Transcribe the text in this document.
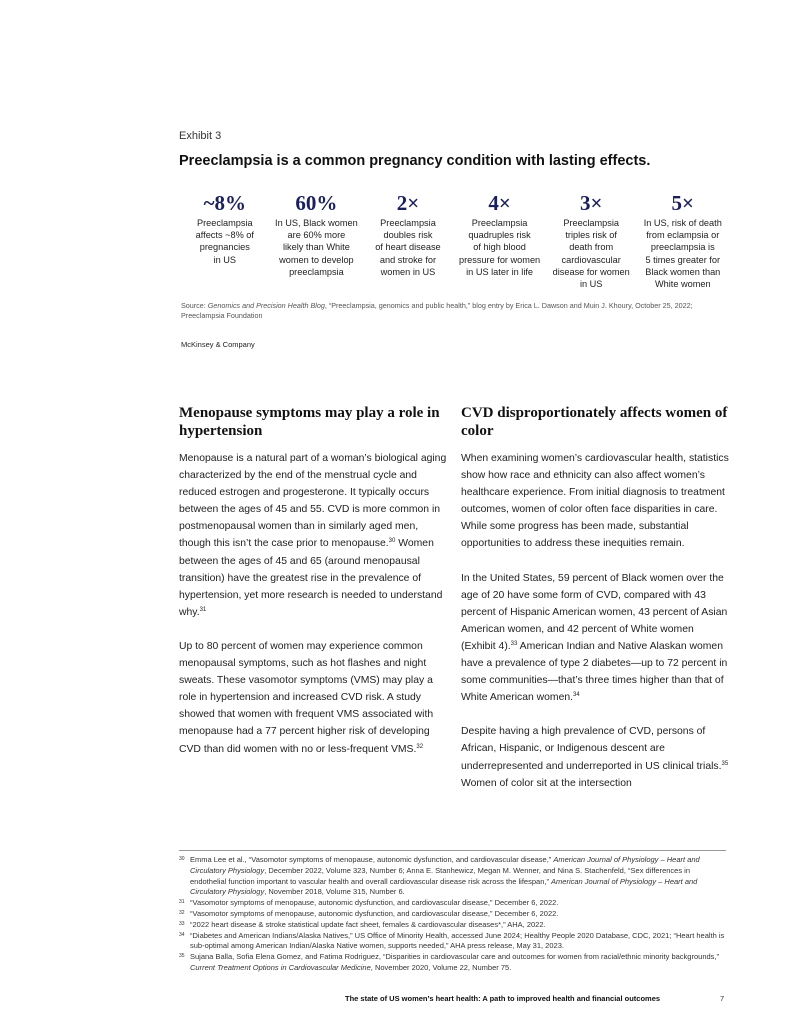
Exhibit 3
Preeclampsia is a common pregnancy condition with lasting effects.
~8%
Preeclampsia
affects ~8% of
pregnancies
in US
60%
In US, Black women
are 60% more
likely than White
women to develop
preeclampsia
2×
Preeclampsia
doubles risk
of heart disease
and stroke for
women in US
4×
Preeclampsia
quadruples risk
of high blood
pressure for women
in US later in life
3×
Preeclampsia
triples risk of
death from
cardiovascular
disease for women
in US
5×
In US, risk of death
from eclampsia or
preeclampsia is
5 times greater for
Black women than
White women
Source: Genomics and Precision Health Blog, “Preeclampsia, genomics and public health,” blog entry by Erica L. Dawson and Muin J. Khoury, October 25, 2022; Preeclampsia Foundation
McKinsey & Company
Menopause symptoms may play a role in hypertension

Menopause is a natural part of a woman’s biological aging characterized by the end of the menstrual cycle and reduced estrogen and progesterone. It typically occurs between the ages of 45 and 55. CVD is more common in postmenopausal women than in similarly aged men, though this isn’t the case prior to menopause.$^{30}$ Women between the ages of 45 and 65 (around menopausal transition) have the greatest rise in the prevalence of hypertension, yet more research is needed to understand why.$^{31}$

Up to 80 percent of women may experience common menopausal symptoms, such as hot flashes and night sweats. These vasomotor symptoms (VMS) may play a role in hypertension and increased CVD risk. A study showed that women with frequent VMS associated with menopause had a 77 percent higher risk of developing CVD than did women with no or less-frequent VMS.$^{32}$

CVD disproportionately affects women of color

When examining women’s cardiovascular health, statistics show how race and ethnicity can also affect women’s healthcare experience. From initial diagnosis to treatment outcomes, women of color often face disparities in care. While some progress has been made, substantial opportunities to address these inequities remain.

In the United States, 59 percent of Black women over the age of 20 have some form of CVD, compared with 43 percent of Hispanic American women, 43 percent of Asian American women, and 42 percent of White women (Exhibit 4).$^{33}$ American Indian and Native Alaskan women have a prevalence of type 2 diabetes—up to 72 percent in some communities—that’s three times higher than that of White American women.$^{34}$

Despite having a high prevalence of CVD, persons of African, Hispanic, or Indigenous descent are underrepresented and underreported in US clinical trials.$^{35}$ Women of color sit at the intersection

30 Emma Lee et al., “Vasomotor symptoms of menopause, autonomic dysfunction, and cardiovascular disease,” American Journal of Physiology – Heart and Circulatory Physiology, December 2022, Volume 323, Number 6; Anna E. Stanhewicz, Megan M. Wenner, and Nina S. Stachenfeld, “Sex differences in endothelial function important to vascular health and overall cardiovascular disease risk across the lifespan,” American Journal of Physiology – Heart and Circulatory Physiology, November 2018, Volume 315, Number 6.
31 “Vasomotor symptoms of menopause, autonomic dysfunction, and cardiovascular disease,” December 6, 2022.
32 “Vasomotor symptoms of menopause, autonomic dysfunction, and cardiovascular disease,” December 6, 2022.
33 “2022 heart disease & stroke statistical update fact sheet, females & cardiovascular diseases*,” AHA, 2022.
34 “Diabetes and American Indians/Alaska Natives,” US Office of Minority Health, accessed June 2024; Healthy People 2020 Database, CDC, 2021; “Heart health is sub-optimal among American Indian/Alaska Native women, supports needed,” AHA press release, May 31, 2023.
35 Sujana Balla, Sofia Elena Gomez, and Fatima Rodriguez, “Disparities in cardiovascular care and outcomes for women from racial/ethnic minority backgrounds,” Current Treatment Options in Cardiovascular Medicine, November 2020, Volume 22, Number 75.
The state of US women’s heart health: A path to improved health and financial outcomes	7
